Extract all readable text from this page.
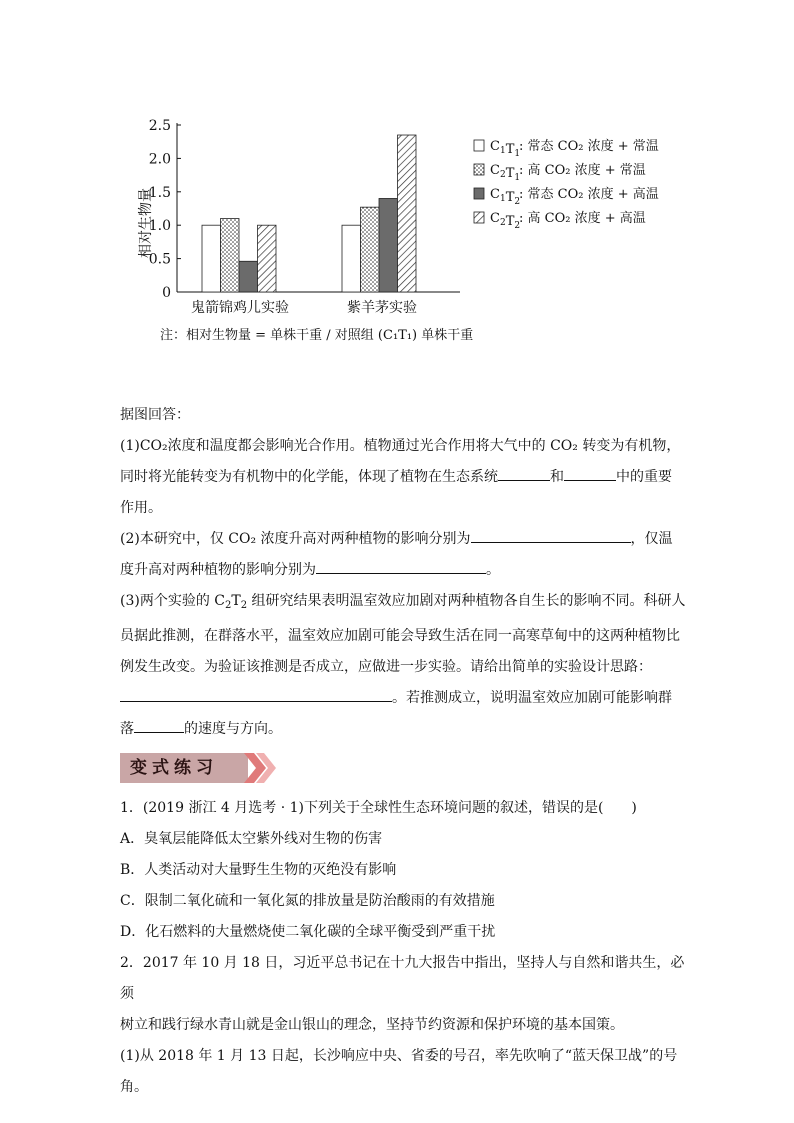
相对生物量
0
0.5
1.0
1.5
2.0
2.5
鬼箭锦鸡儿实验	紫羊茅实验
$C_1T_1$
: 常态 CO₂ 浓度 + 常温
$C_2T_1$
: 高 CO₂ 浓度 + 常温
$C_1T_2$
: 常态 CO₂ 浓度 + 高温
$C_2T_2$
: 高 CO₂ 浓度 + 高温
注：相对生物量 = 单株干重 / 对照组 (C₁T₁) 单株干重

据图回答：

(1)CO₂浓度和温度都会影响光合作用。植物通过光合作用将大气中的 CO₂ 转变为有机物，

同时将光能转变为有机物中的化学能，体现了植物在生态系统	和	中的重要

作用。

(2)本研究中，仅 CO₂ 浓度升高对两种植物的影响分别为	，仅温

度升高对两种植物的影响分别为	。

(3)两个实验的 $C_2T_2$ 组研究结果表明温室效应加剧对两种植物各自生长的影响不同。科研人

员据此推测，在群落水平，温室效应加剧可能会导致生活在同一高寒草甸中的这两种植物比

例发生改变。为验证该推测是否成立，应做进一步实验。请给出简单的实验设计思路：

。若推测成立，说明温室效应加剧可能影响群

落	的速度与方向。

变式练习

1．(2019 浙江 4 月选考 · 1)下列关于全球性生态环境问题的叙述，错误的是(　　)

A．臭氧层能降低太空紫外线对生物的伤害

B．人类活动对大量野生生物的灭绝没有影响

C．限制二氧化硫和一氧化氮的排放量是防治酸雨的有效措施

D．化石燃料的大量燃烧使二氧化碳的全球平衡受到严重干扰

2．2017 年 10 月 18 日，习近平总书记在十九大报告中指出，坚持人与自然和谐共生，必须

树立和践行绿水青山就是金山银山的理念，坚持节约资源和保护环境的基本国策。

(1)从 2018 年 1 月 13 日起，长沙响应中央、省委的号召，率先吹响了“蓝天保卫战”的号角。
